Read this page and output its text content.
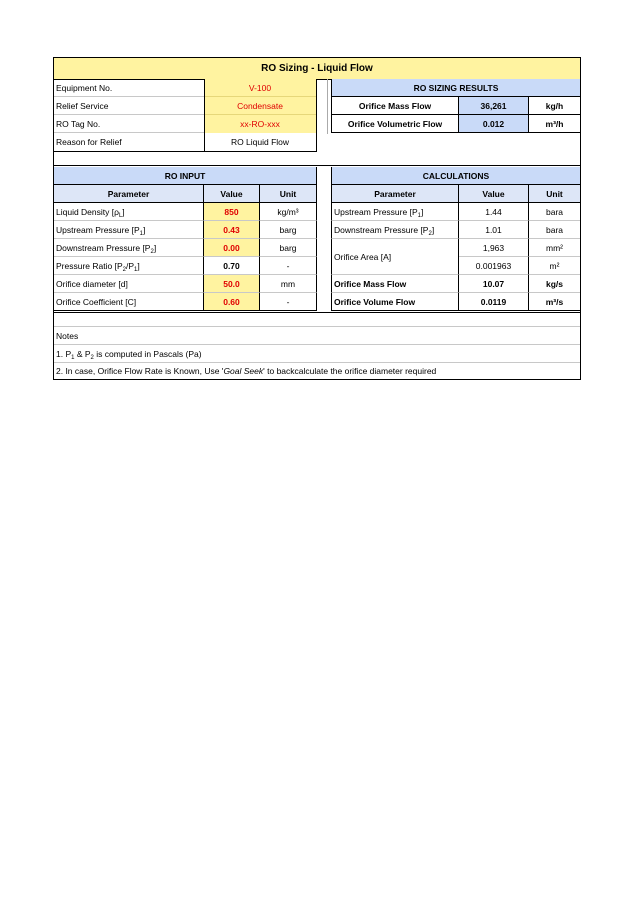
RO Sizing - Liquid Flow
Equipment No.	V-100
Relief Service	Condensate
RO Tag No.	xx-RO-xxx
Reason for Relief	RO Liquid Flow
RO SIZING RESULTS
Orifice Mass Flow	36,261	kg/h
Orifice Volumetric Flow	0.012	m³/h
RO INPUT
Parameter	Value	Unit
Liquid Density $[\rho_L]$	850	kg/m³
Upstream Pressure $[P_1]$	0.43	barg
Downstream Pressure $[P_2]$	0.00	barg
Pressure Ratio $[P_2/P_1]$	0.70	-
Orifice diameter [d]	50.0	mm
Orifice Coefficient [C]	0.60	-
CALCULATIONS
Parameter	Value	Unit
Upstream Pressure $[P_1]$	1.44	bara
Downstream Pressure $[P_2]$	1.01	bara
Orifice Area [A]
1,963	mm²
0.001963	m²
Orifice Mass Flow	10.07	kg/s
Orifice Volume Flow	0.0119	m³/s
Notes
1. $P_1$ & $P_2$ is computed in Pascals (Pa)
2. In case, Orifice Flow Rate is Known, Use 'Goal Seek' to backcalculate the orifice diameter required
